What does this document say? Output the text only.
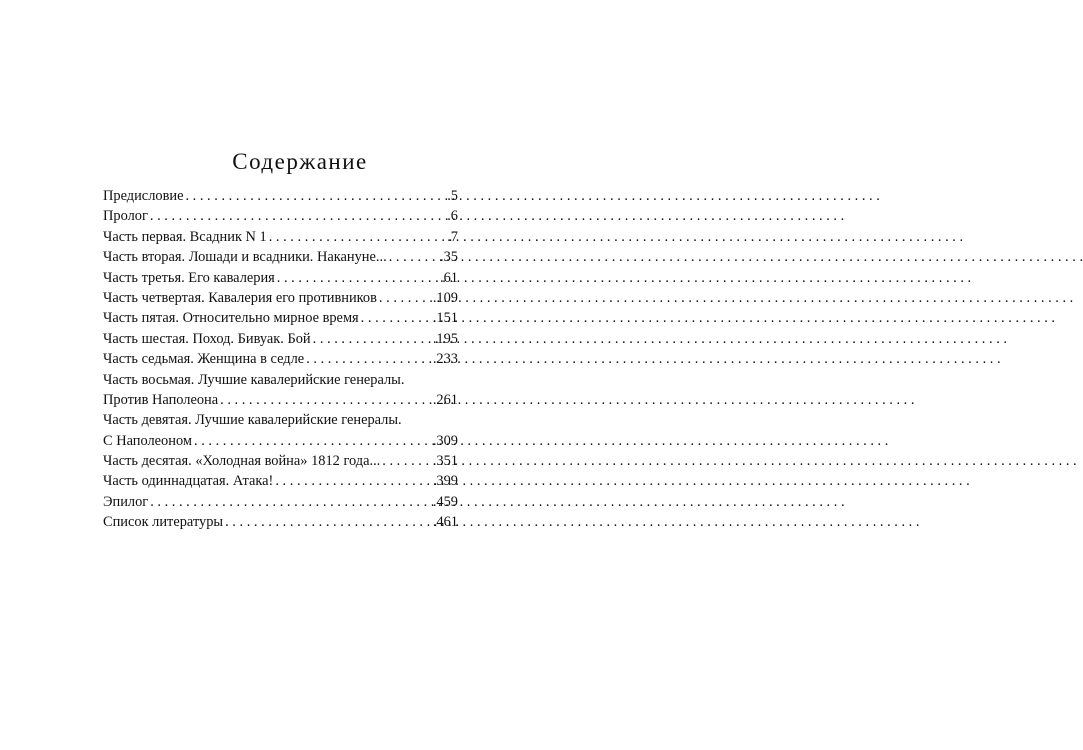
Содержание
Предисловие . . .	.5
Пролог . . .	.6
Часть первая. Всадник N 1 . . .	.7
Часть вторая. Лошади и всадники. Накануне... . . .	.35
Часть третья. Его кавалерия . . .	.61
Часть четвертая. Кавалерия его противников . . .	.109
Часть пятая. Относительно мирное время . . .	.151
Часть шестая. Поход. Бивуак. Бой . . .	.195
Часть седьмая. Женщина в седле . . .	.233
Часть восьмая. Лучшие кавалерийские генералы.
Против Наполеона . . .	.261
Часть девятая. Лучшие кавалерийские генералы.
С Наполеоном . . .	.309
Часть десятая. «Холодная война» 1812 года... . . .	.351
Часть одиннадцатая. Атака! . . .	.399
Эпилог . . .	.459
Список литературы . . .	.461
